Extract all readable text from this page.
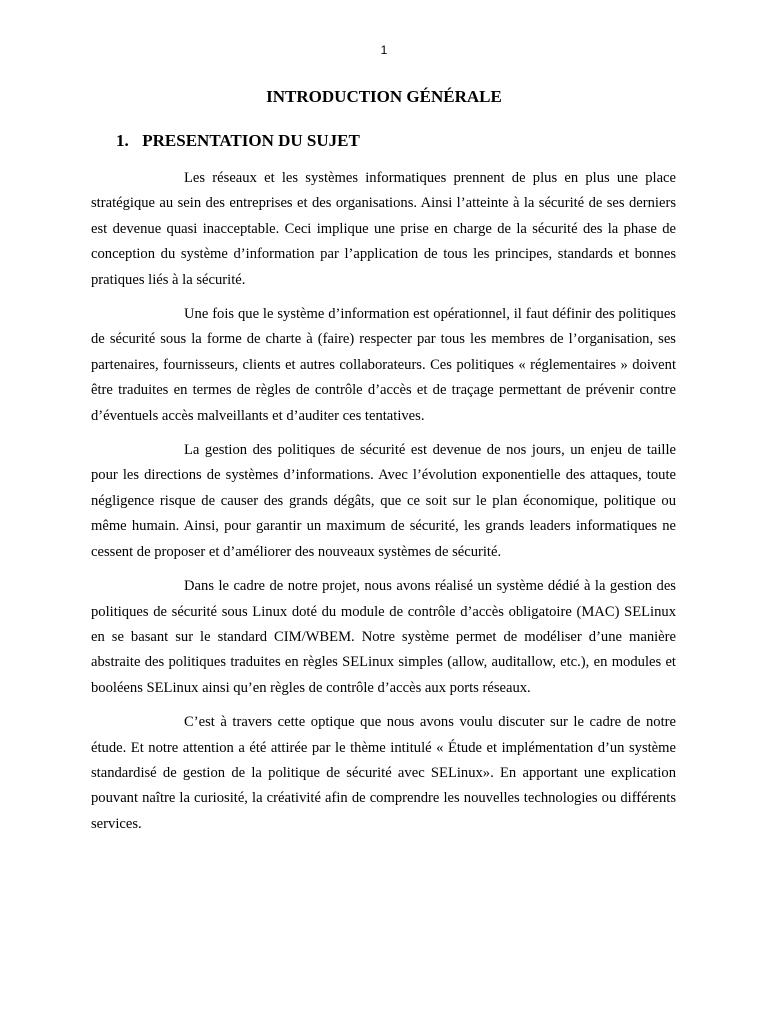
1
INTRODUCTION GÉNÉRALE
1. PRESENTATION DU SUJET

Les réseaux et les systèmes informatiques prennent de plus en plus une place stratégique au sein des entreprises et des organisations. Ainsi l’atteinte à la sécurité de ses derniers est devenue quasi inacceptable. Ceci implique une prise en charge de la sécurité des la phase de conception du système d’information par l’application de tous les principes, standards et bonnes pratiques liés à la sécurité.

Une fois que le système d’information est opérationnel, il faut définir des politiques de sécurité sous la forme de charte à (faire) respecter par tous les membres de l’organisation, ses partenaires, fournisseurs, clients et autres collaborateurs. Ces politiques « réglementaires » doivent être traduites en termes de règles de contrôle d’accès et de traçage permettant de prévenir contre d’éventuels accès malveillants et d’auditer ces tentatives.

La gestion des politiques de sécurité est devenue de nos jours, un enjeu de taille pour les directions de systèmes d’informations. Avec l’évolution exponentielle des attaques, toute négligence risque de causer des grands dégâts, que ce soit sur le plan économique, politique ou même humain. Ainsi, pour garantir un maximum de sécurité, les grands leaders informatiques ne cessent de proposer et d’améliorer des nouveaux systèmes de sécurité.

Dans le cadre de notre projet, nous avons réalisé un système dédié à la gestion des politiques de sécurité sous Linux doté du module de contrôle d’accès obligatoire (MAC) SELinux en se basant sur le standard CIM/WBEM. Notre système permet de modéliser d’une manière abstraite des politiques traduites en règles SELinux simples (allow, auditallow, etc.), en modules et booléens SELinux ainsi qu’en règles de contrôle d’accès aux ports réseaux.

C’est à travers cette optique que nous avons voulu discuter sur le cadre de notre étude. Et notre attention a été attirée par le thème intitulé « Étude et implémentation d’un système standardisé de gestion de la politique de sécurité avec SELinux». En apportant une explication pouvant naître la curiosité, la créativité afin de comprendre les nouvelles technologies ou différents services.
